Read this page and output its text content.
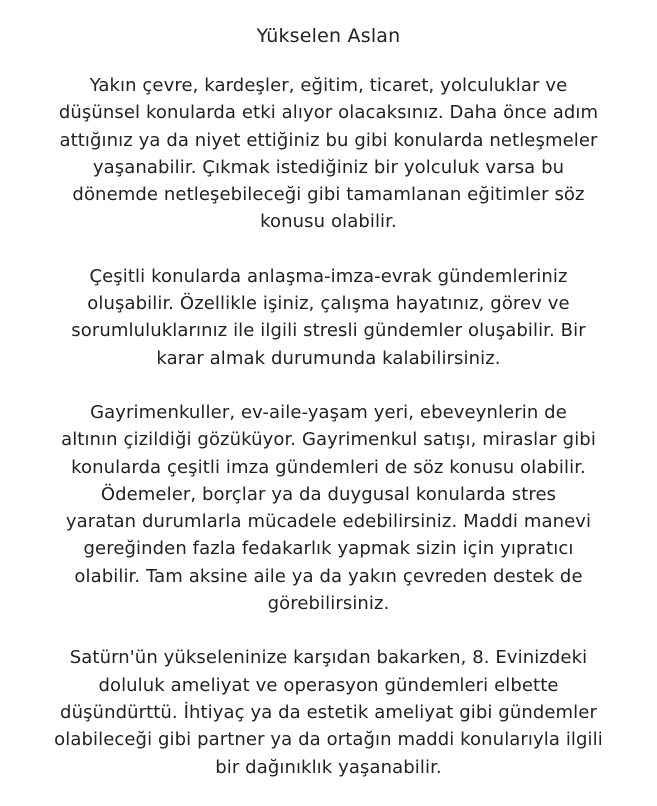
Yükselen Aslan

Yakın çevre, kardeşler, eğitim, ticaret, yolculuklar ve
düşünsel konularda etki alıyor olacaksınız. Daha önce adım
attığınız ya da niyet ettiğiniz bu gibi konularda netleşmeler
yaşanabilir. Çıkmak istediğiniz bir yolculuk varsa bu
dönemde netleşebileceği gibi tamamlanan eğitimler söz
konusu olabilir.

Çeşitli konularda anlaşma-imza-evrak gündemleriniz
oluşabilir. Özellikle işiniz, çalışma hayatınız, görev ve
sorumluluklarınız ile ilgili stresli gündemler oluşabilir. Bir
karar almak durumunda kalabilirsiniz.

Gayrimenkuller, ev-aile-yaşam yeri, ebeveynlerin de
altının çizildiği gözüküyor. Gayrimenkul satışı, miraslar gibi
konularda çeşitli imza gündemleri de söz konusu olabilir.
Ödemeler, borçlar ya da duygusal konularda stres
yaratan durumlarla mücadele edebilirsiniz. Maddi manevi
gereğinden fazla fedakarlık yapmak sizin için yıpratıcı
olabilir. Tam aksine aile ya da yakın çevreden destek de
görebilirsiniz.

Satürn'ün yükseleninize karşıdan bakarken, 8. Evinizdeki
doluluk ameliyat ve operasyon gündemleri elbette
düşündürttü. İhtiyaç ya da estetik ameliyat gibi gündemler
olabileceği gibi partner ya da ortağın maddi konularıyla ilgili
bir dağınıklık yaşanabilir.
